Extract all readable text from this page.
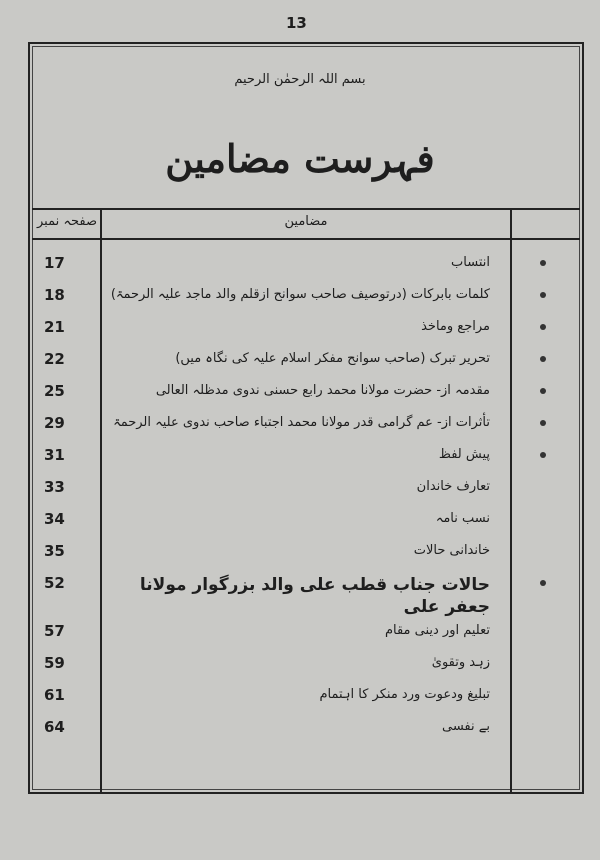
13
بسم اللہ الرحمٰن الرحیم
فہرست مضامین
صفحہ نمبر	مضامین
17	انتساب
18	کلمات بابرکات (درتوصیف صاحب سوانح ازقلم والد ماجد علیہ الرحمۃ)
21	مراجع وماخذ
22	تحریر تبرک (صاحب سوانح مفکر اسلام علیہ کی نگاہ میں)
25	مقدمہ از- حضرت مولانا محمد رابع حسنی ندوی مدظلہ العالی
29	تأثرات از- عم گرامی قدر مولانا محمد اجتباء صاحب ندوی علیہ الرحمۃ
31	پیش لفظ
33	تعارف خاندان
34	نسب نامہ
35	خاندانی حالات
52	حالات جناب قطب علی والد بزرگوار مولانا جعفر علی
57	تعلیم اور دینی مقام
59	زہد وتقویٰ
61	تبلیغ ودعوت ورد منکر کا اہتمام
64	بے نفسی
